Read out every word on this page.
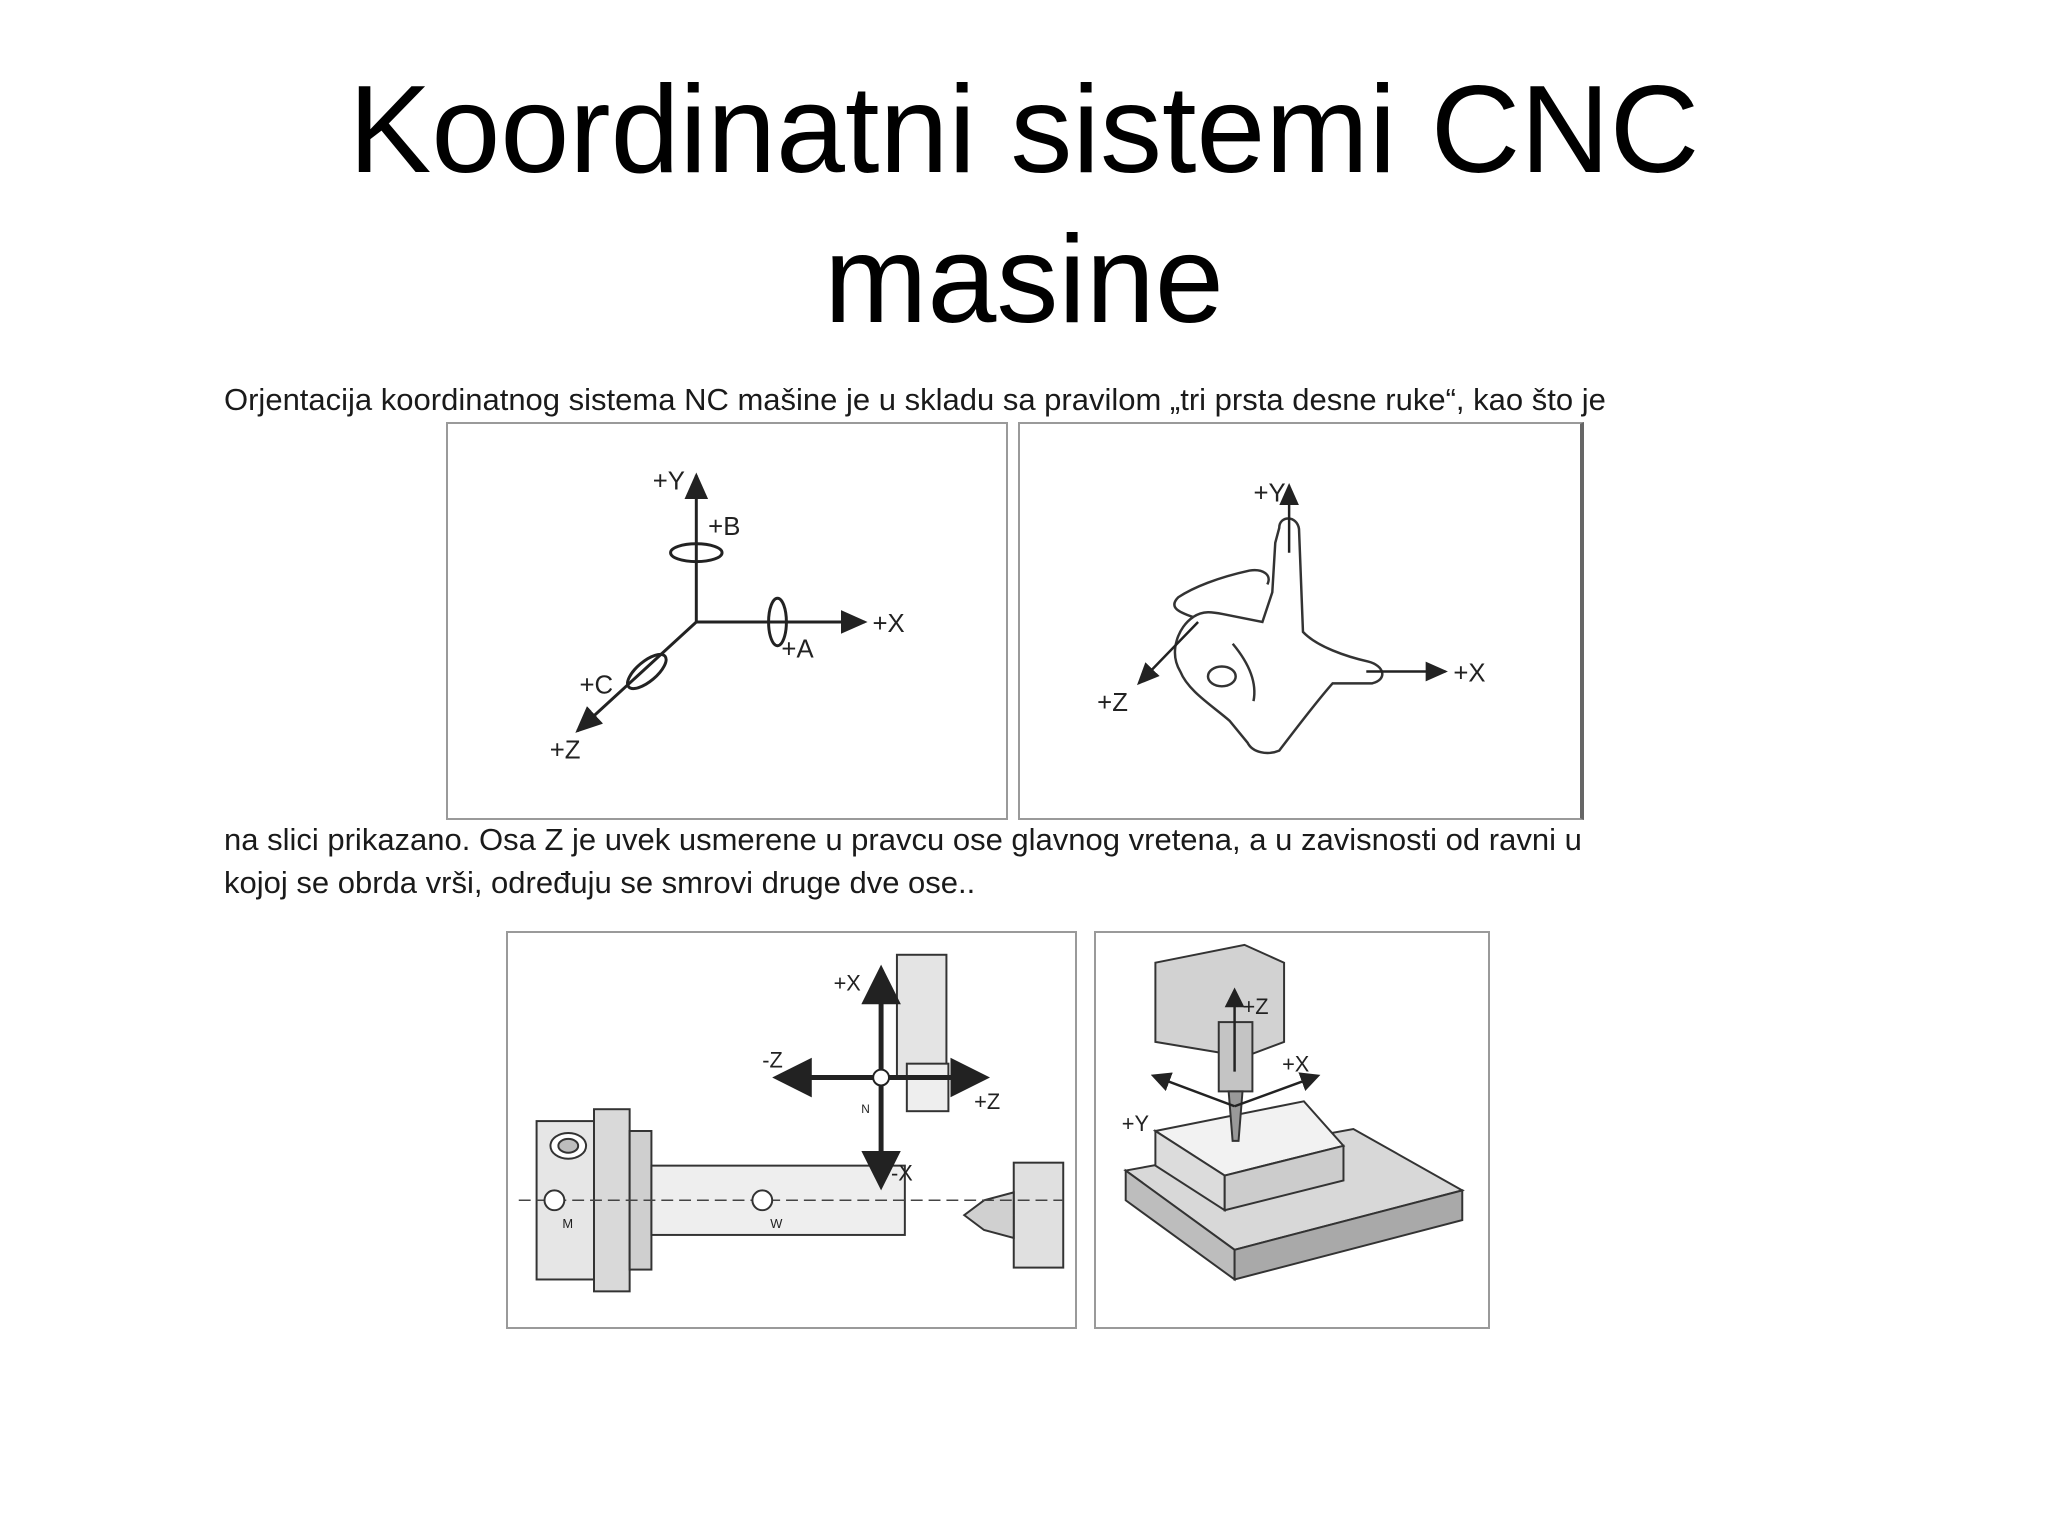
Koordinatni sistemi CNC
masine
Orjentacija koordinatnog sistema NC mašine je u skladu sa pravilom „tri prsta desne ruke“, kao što je
+Y
+B
+X
+A
+C
+Z
+Y
+X
+Z
na slici prikazano. Osa Z je uvek usmerene u pravcu ose glavnog vretena, a u zavisnosti od ravni u
kojoj se obrda vrši, određuju se smrovi druge dve ose..
+X
-Z
+Z
-X
N
M	W
+Z
+X
+Y
